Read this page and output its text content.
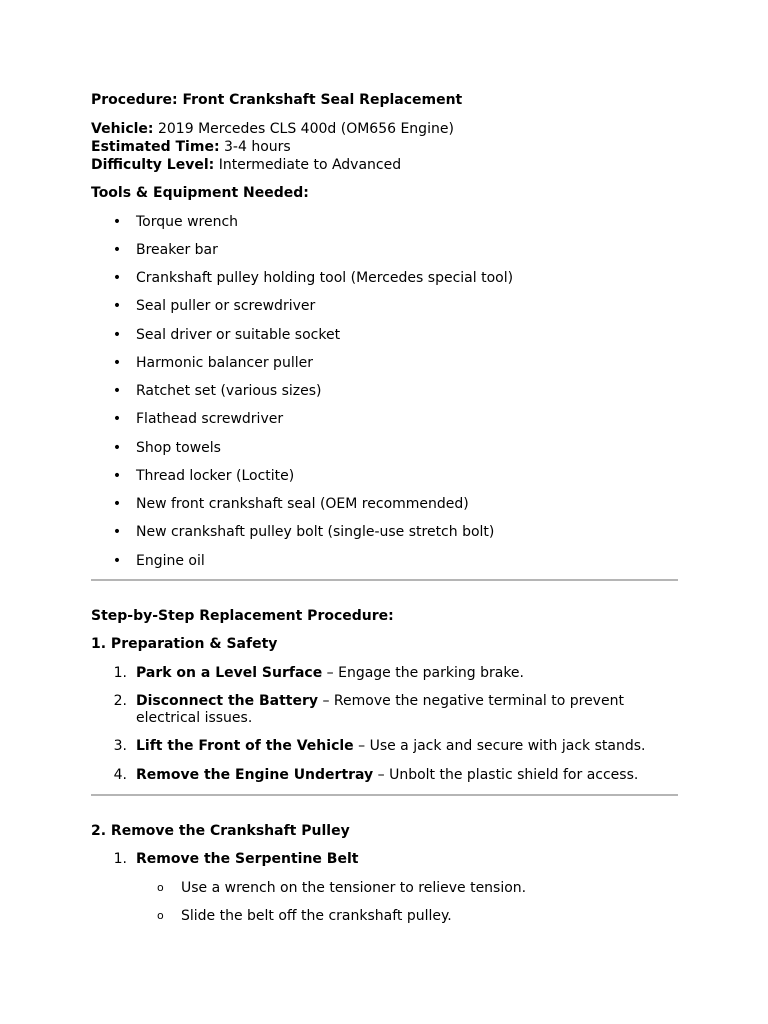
Procedure: Front Crankshaft Seal Replacement
Vehicle: 2019 Mercedes CLS 400d (OM656 Engine)
Estimated Time: 3-4 hours
Difficulty Level: Intermediate to Advanced
Tools & Equipment Needed:
• Torque wrench
• Breaker bar
• Crankshaft pulley holding tool (Mercedes special tool)
• Seal puller or screwdriver
• Seal driver or suitable socket
• Harmonic balancer puller
• Ratchet set (various sizes)
• Flathead screwdriver
• Shop towels
• Thread locker (Loctite)
• New front crankshaft seal (OEM recommended)
• New crankshaft pulley bolt (single-use stretch bolt)
• Engine oil
Step-by-Step Replacement Procedure:
1. Preparation & Safety
1. Park on a Level Surface – Engage the parking brake.
2. Disconnect the Battery – Remove the negative terminal to prevent
electrical issues.
3. Lift the Front of the Vehicle – Use a jack and secure with jack stands.
4. Remove the Engine Undertray – Unbolt the plastic shield for access.
2. Remove the Crankshaft Pulley
1. Remove the Serpentine Belt
o Use a wrench on the tensioner to relieve tension.
o Slide the belt off the crankshaft pulley.
